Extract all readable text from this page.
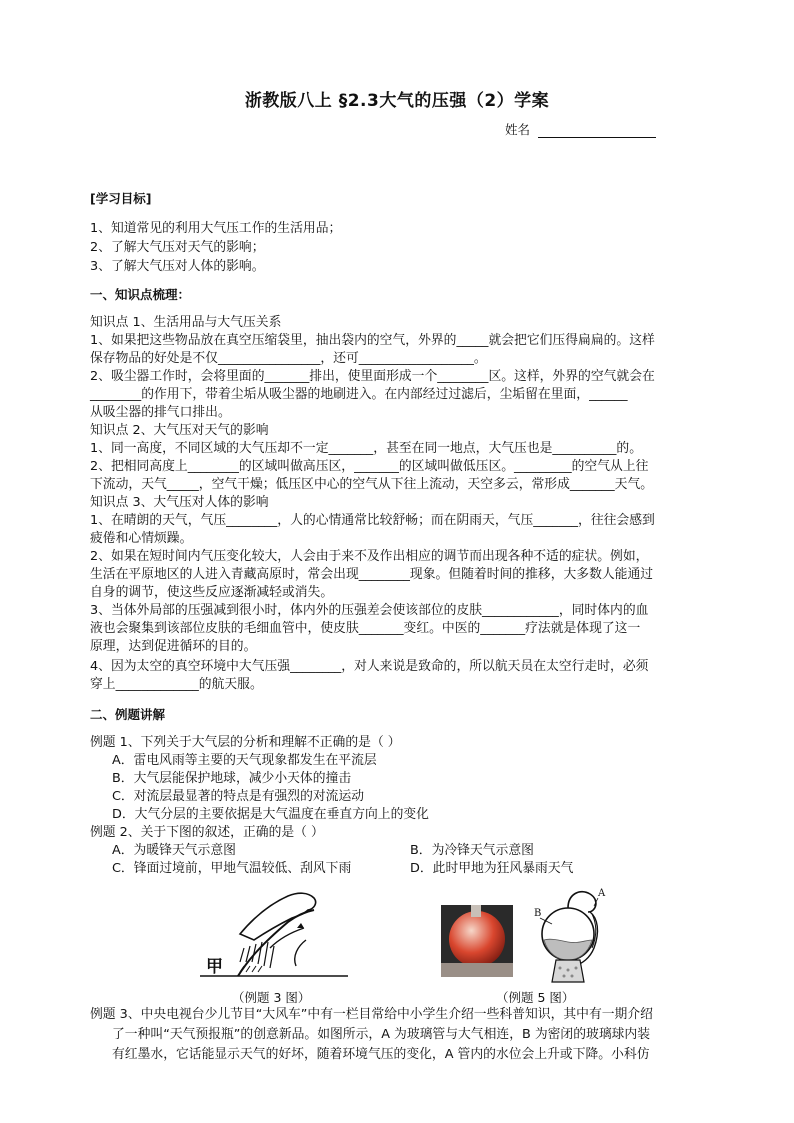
浙教版八上 §2.3大气的压强（2）学案
姓名
[学习目标]
1、知道常见的利用大气压工作的生活用品；
2、了解大气压对天气的影响；
3、了解大气压对人体的影响。
一、知识点梳理：
知识点 1、生活用品与大气压关系
1、如果把这些物品放在真空压缩袋里，抽出袋内的空气，外界的_____就会把它们压得扁扁的。这样
保存物品的好处是不仅________________，还可__________________。
2、吸尘器工作时，会将里面的_______排出，使里面形成一个________区。这样，外界的空气就会在
________的作用下，带着尘垢从吸尘器的地刷进入。在内部经过过滤后，尘垢留在里面，______
从吸尘器的排气口排出。
知识点 2、大气压对天气的影响
1、同一高度，不同区域的大气压却不一定_______，甚至在同一地点，大气压也是__________的。
2、把相同高度上________的区域叫做高压区，_______的区域叫做低压区。_________的空气从上往
下流动，天气_____，空气干燥；低压区中心的空气从下往上流动，天空多云，常形成_______天气。
知识点 3、大气压对人体的影响
1、在晴朗的天气，气压________，人的心情通常比较舒畅；而在阴雨天，气压_______，往往会感到
疲倦和心情烦躁。
2、如果在短时间内气压变化较大，人会由于来不及作出相应的调节而出现各种不适的症状。例如，
生活在平原地区的人进入青藏高原时，常会出现________现象。但随着时间的推移，大多数人能通过
自身的调节，使这些反应逐渐减轻或消失。
3、当体外局部的压强减到很小时，体内外的压强差会使该部位的皮肤____________，同时体内的血
液也会聚集到该部位皮肤的毛细血管中，使皮肤_______变红。中医的_______疗法就是体现了这一
原理，达到促进循环的目的。
4、因为太空的真空环境中大气压强________，对人来说是致命的，所以航天员在太空行走时，必须
穿上_____________的航天服。
二、例题讲解
例题 1、下列关于大气层的分析和理解不正确的是（ ）
A．雷电风雨等主要的天气现象都发生在平流层
B．大气层能保护地球，减少小天体的撞击
C．对流层最显著的特点是有强烈的对流运动
D．大气分层的主要依据是大气温度在垂直方向上的变化
例题 2、关于下图的叙述，正确的是（ ）
A．为暖锋天气示意图	B．为冷锋天气示意图
C．锋面过境前，甲地气温较低、刮风下雨	D．此时甲地为狂风暴雨天气
甲
（例题 3 图）
B
A
（例题 5 图）
例题 3、中央电视台少儿节目“大风车”中有一栏目常给中小学生介绍一些科普知识，其中有一期介绍
了一种叫“天气预报瓶”的创意新品。如图所示，A 为玻璃管与大气相连，B 为密闭的玻璃球内装
有红墨水，它话能显示天气的好坏，随着环境气压的变化，A 管内的水位会上升或下降。小科仿
